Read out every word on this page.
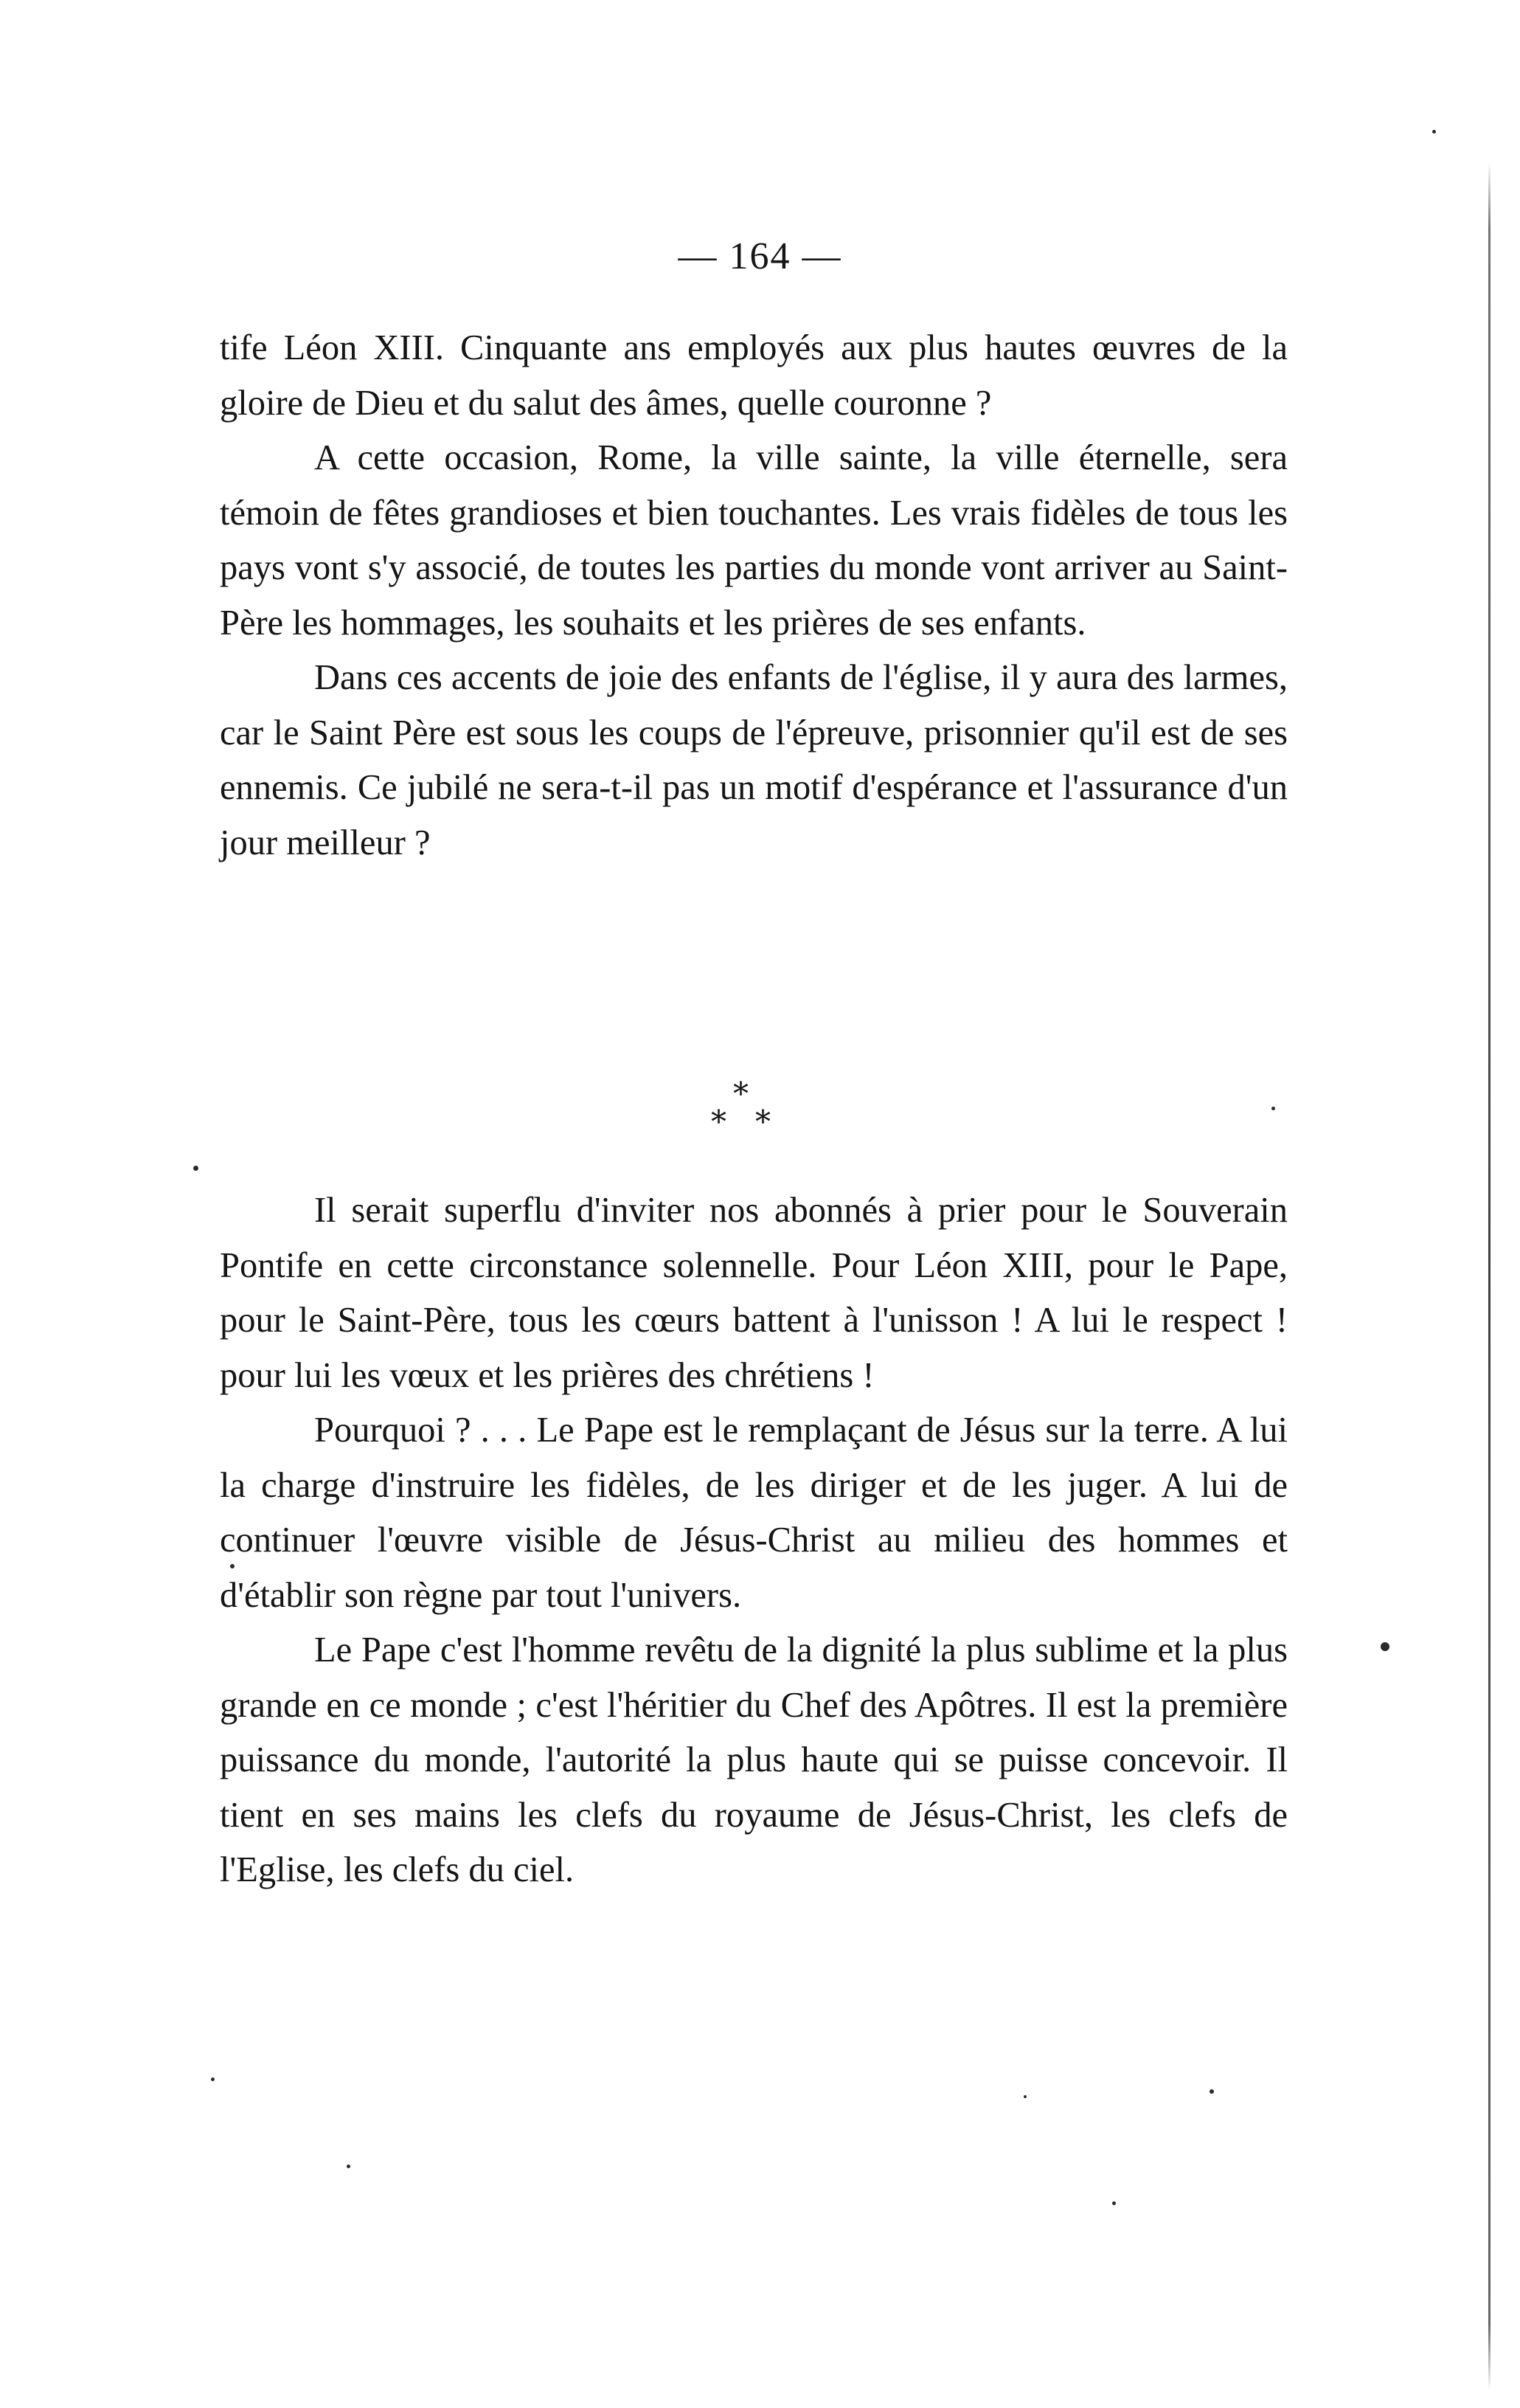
— 164 —

tife Léon XIII. Cinquante ans employés aux plus hautes œuvres de la gloire de Dieu et du salut des âmes, quelle couronne ?

A cette occasion, Rome, la ville sainte, la ville éternelle, sera témoin de fêtes grandioses et bien touchantes. Les vrais fidèles de tous les pays vont s'y associé, de toutes les parties du monde vont arriver au Saint-Père les hommages, les souhaits et les prières de ses enfants.

Dans ces accents de joie des enfants de l'église, il y aura des larmes, car le Saint Père est sous les coups de l'épreuve, prisonnier qu'il est de ses ennemis. Ce jubilé ne sera-t-il pas un motif d'espérance et l'assurance d'un jour meilleur ?

*
* *

Il serait superflu d'inviter nos abonnés à prier pour le Souverain Pontife en cette circonstance solennelle. Pour Léon XIII, pour le Pape, pour le Saint-Père, tous les cœurs battent à l'unisson ! A lui le respect ! pour lui les vœux et les prières des chrétiens !

Pourquoi ? . . . Le Pape est le remplaçant de Jésus sur la terre. A lui la charge d'instruire les fidèles, de les diriger et de les juger. A lui de continuer l'œuvre visible de Jésus-Christ au milieu des hommes et d'établir son règne par tout l'univers.

Le Pape c'est l'homme revêtu de la dignité la plus sublime et la plus grande en ce monde ; c'est l'héritier du Chef des Apôtres. Il est la première puissance du monde, l'autorité la plus haute qui se puisse concevoir. Il tient en ses mains les clefs du royaume de Jésus-Christ, les clefs de l'Eglise, les clefs du ciel.
